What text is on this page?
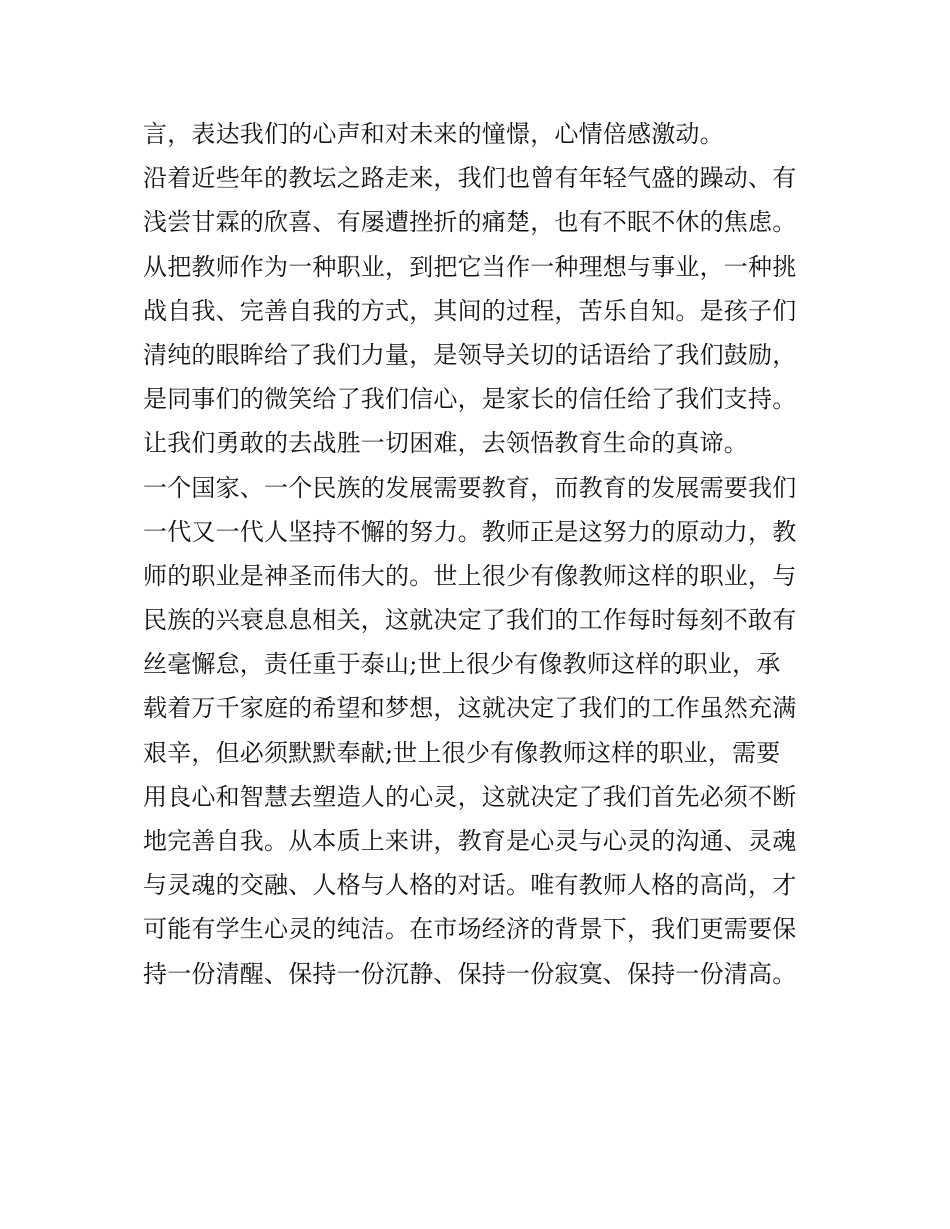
言，表达我们的心声和对未来的憧憬，心情倍感激动。
沿着近些年的教坛之路走来，我们也曾有年轻气盛的躁动、有
浅尝甘霖的欣喜、有屡遭挫折的痛楚，也有不眠不休的焦虑。
从把教师作为一种职业，到把它当作一种理想与事业，一种挑
战自我、完善自我的方式，其间的过程，苦乐自知。是孩子们
清纯的眼眸给了我们力量，是领导关切的话语给了我们鼓励，
是同事们的微笑给了我们信心，是家长的信任给了我们支持。
让我们勇敢的去战胜一切困难，去领悟教育生命的真谛。
一个国家、一个民族的发展需要教育，而教育的发展需要我们
一代又一代人坚持不懈的努力。教师正是这努力的原动力，教
师的职业是神圣而伟大的。世上很少有像教师这样的职业，与
民族的兴衰息息相关，这就决定了我们的工作每时每刻不敢有
丝毫懈怠，责任重于泰山;世上很少有像教师这样的职业，承
载着万千家庭的希望和梦想，这就决定了我们的工作虽然充满
艰辛，但必须默默奉献;世上很少有像教师这样的职业，需要
用良心和智慧去塑造人的心灵，这就决定了我们首先必须不断
地完善自我。从本质上来讲，教育是心灵与心灵的沟通、灵魂
与灵魂的交融、人格与人格的对话。唯有教师人格的高尚，才
可能有学生心灵的纯洁。在市场经济的背景下，我们更需要保
持一份清醒、保持一份沉静、保持一份寂寞、保持一份清高。
